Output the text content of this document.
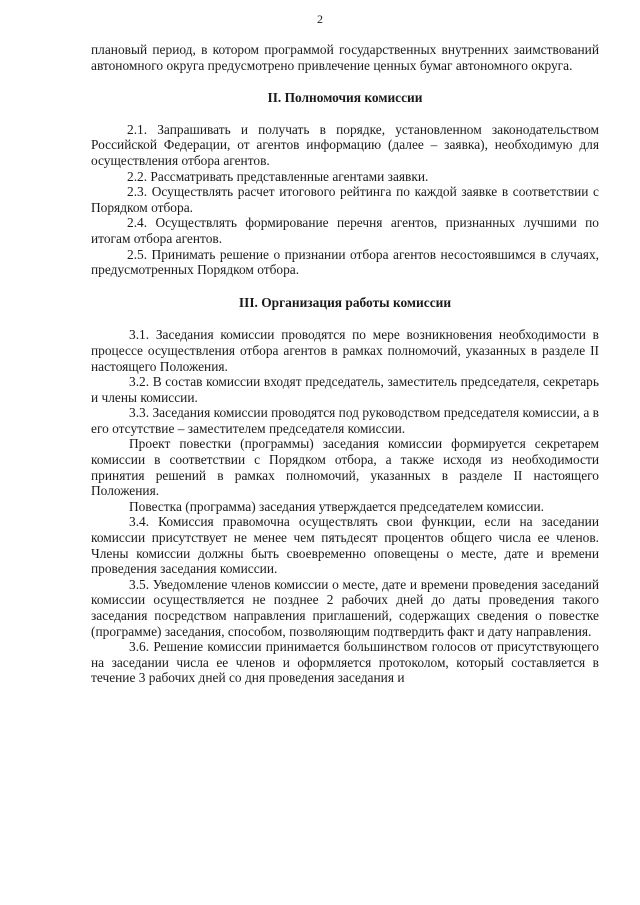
2

плановый период, в котором программой государственных внутренних заимствований автономного округа предусмотрено привлечение ценных бумаг автономного округа.

II. Полномочия комиссии

2.1. Запрашивать и получать в порядке, установленном законодательством Российской Федерации, от агентов информацию (далее – заявка), необходимую для осуществления отбора агентов.

2.2. Рассматривать представленные агентами заявки.

2.3. Осуществлять расчет итогового рейтинга по каждой заявке в соответствии с Порядком отбора.

2.4. Осуществлять формирование перечня агентов, признанных лучшими по итогам отбора агентов.

2.5. Принимать решение о признании отбора агентов несостоявшимся в случаях, предусмотренных Порядком отбора.

III. Организация работы комиссии

3.1. Заседания комиссии проводятся по мере возникновения необходимости в процессе осуществления отбора агентов в рамках полномочий, указанных в разделе II настоящего Положения.

3.2. В состав комиссии входят председатель, заместитель председателя, секретарь и члены комиссии.

3.3. Заседания комиссии проводятся под руководством председателя комиссии, а в его отсутствие – заместителем председателя комиссии.

Проект повестки (программы) заседания комиссии формируется секретарем комиссии в соответствии с Порядком отбора, а также исходя из необходимости принятия решений в рамках полномочий, указанных в разделе II настоящего Положения.

Повестка (программа) заседания утверждается председателем комиссии.

3.4. Комиссия правомочна осуществлять свои функции, если на заседании комиссии присутствует не менее чем пятьдесят процентов общего числа ее членов. Члены комиссии должны быть своевременно оповещены о месте, дате и времени проведения заседания комиссии.

3.5. Уведомление членов комиссии о месте, дате и времени проведения заседаний комиссии осуществляется не позднее 2 рабочих дней до даты проведения такого заседания посредством направления приглашений, содержащих сведения о повестке (программе) заседания, способом, позволяющим подтвердить факт и дату направления.

3.6. Решение комиссии принимается большинством голосов от присутствующего на заседании числа ее членов и оформляется протоколом, который составляется в течение 3 рабочих дней со дня проведения заседания и
